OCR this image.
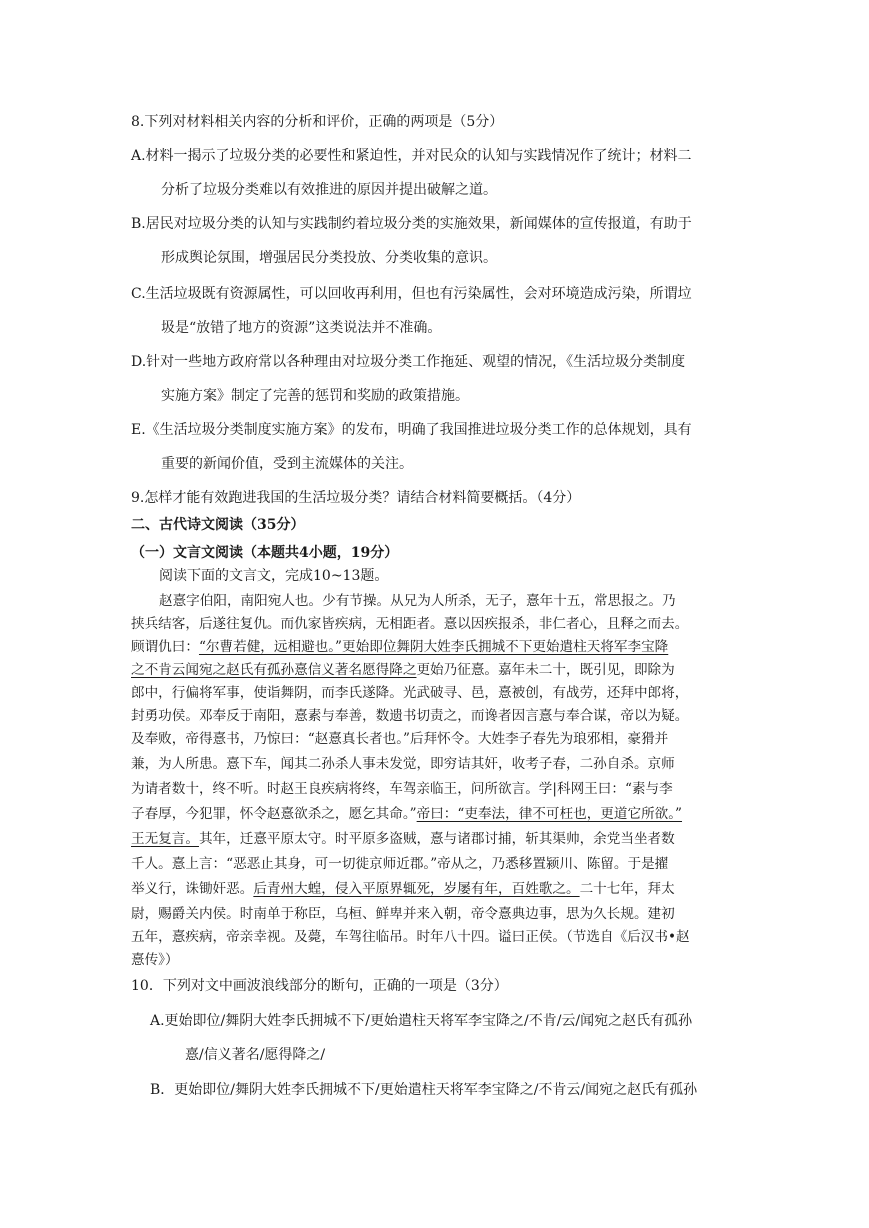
8.下列对材料相关内容的分析和评价，正确的两项是（5分）
A.材料一揭示了垃圾分类的必要性和紧迫性，并对民众的认知与实践情况作了统计；材料二
分析了垃圾分类难以有效推进的原因并提出破解之道。
B.居民对垃圾分类的认知与实践制约着垃圾分类的实施效果，新闻媒体的宣传报道，有助于
形成舆论氛围，增强居民分类投放、分类收集的意识。
C.生活垃圾既有资源属性，可以回收再利用，但也有污染属性，会对环境造成污染，所谓垃
圾是“放错了地方的资源”这类说法并不准确。
D.针对一些地方政府常以各种理由对垃圾分类工作拖延、观望的情况，《生活垃圾分类制度
实施方案》制定了完善的惩罚和奖励的政策措施。
E.《生活垃圾分类制度实施方案》的发布，明确了我国推进垃圾分类工作的总体规划，具有
重要的新闻价值，受到主流媒体的关注。
9.怎样才能有效跑进我国的生活垃圾分类？请结合材料简要概括。（4分）
二、古代诗文阅读（35分）
（一）文言文阅读（本题共4小题，19分）
阅读下面的文言文，完成10~13题。
赵憙字伯阳，南阳宛人也。少有节操。从兄为人所杀，无子，憙年十五，常思报之。乃
挟兵结客，后遂往复仇。而仇家皆疾病，无相距者。憙以因疾报杀，非仁者心，且释之而去。
顾谓仇曰：“尔曹若健，远相避也。”更始即位舞阴大姓李氏拥城不下更始遣柱天将军李宝降
之不肯云闻宛之赵氏有孤孙憙信义著名愿得降之更始乃征憙。嘉年未二十，既引见，即除为
郎中，行偏将军事，使诣舞阴，而李氏遂降。光武破寻、邑，憙被创，有战劳，还拜中郎将，
封勇功侯。邓奉反于南阳，憙素与奉善，数遗书切责之，而谗者因言憙与奉合谋，帝以为疑。
及奉败，帝得憙书，乃惊曰：“赵憙真长者也。”后拜怀令。大姓李子春先为琅邪相，豪猾并
兼，为人所患。憙下车，闻其二孙杀人事未发觉，即穷诘其奸，收考子春，二孙自杀。京师
为请者数十，终不听。时赵王良疾病将终，车驾亲临王，问所欲言。学|科网王曰：“素与李
子春厚，今犯罪，怀令赵憙欲杀之，愿乞其命。”帝曰：“吏奉法，律不可枉也，更道它所欲。”
王无复言。其年，迁憙平原太守。时平原多盗贼，憙与诸郡讨捕，斩其渠帅，余党当坐者数
千人。憙上言：“恶恶止其身，可一切徙京师近郡。”帝从之，乃悉移置颍川、陈留。于是擢
举义行，诛锄奸恶。后青州大蝗，侵入平原界辄死，岁屡有年，百姓歌之。二十七年，拜太
尉，赐爵关内侯。时南单于称臣，乌桓、鲜卑并来入朝，帝令憙典边事，思为久长规。建初
五年，憙疾病，帝亲幸视。及薨，车驾往临吊。时年八十四。谥曰正侯。（节选自《后汉书•赵
憙传》）
10．下列对文中画波浪线部分的断句，正确的一项是（3分）
A.更始即位/舞阴大姓李氏拥城不下/更始遣柱天将军李宝降之/不肯/云/闻宛之赵氏有孤孙
憙/信义著名/愿得降之/
B．更始即位/舞阴大姓李氏拥城不下/更始遣柱天将军李宝降之/不肯云/闻宛之赵氏有孤孙
